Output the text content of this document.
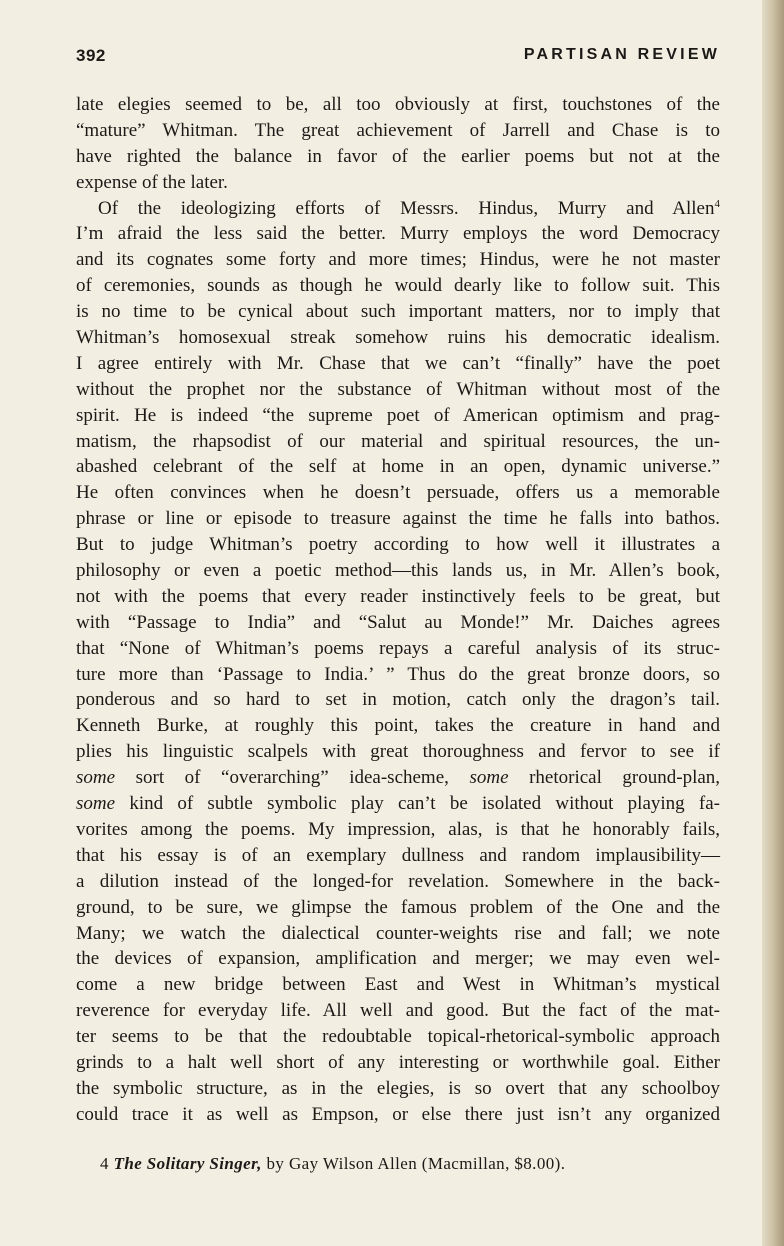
392	PARTISAN REVIEW
late elegies seemed to be, all too obviously at first, touchstones of the
“mature” Whitman. The great achievement of Jarrell and Chase is to
have righted the balance in favor of the earlier poems but not at the
expense of the later.
Of the ideologizing efforts of Messrs. Hindus, Murry and Allen$^4$
I’m afraid the less said the better. Murry employs the word Democracy
and its cognates some forty and more times; Hindus, were he not master
of ceremonies, sounds as though he would dearly like to follow suit. This
is no time to be cynical about such important matters, nor to imply that
Whitman’s homosexual streak somehow ruins his democratic idealism.
I agree entirely with Mr. Chase that we can’t “finally” have the poet
without the prophet nor the substance of Whitman without most of the
spirit. He is indeed “the supreme poet of American optimism and prag-
matism, the rhapsodist of our material and spiritual resources, the un-
abashed celebrant of the self at home in an open, dynamic universe.”
He often convinces when he doesn’t persuade, offers us a memorable
phrase or line or episode to treasure against the time he falls into bathos.
But to judge Whitman’s poetry according to how well it illustrates a
philosophy or even a poetic method—this lands us, in Mr. Allen’s book,
not with the poems that every reader instinctively feels to be great, but
with “Passage to India” and “Salut au Monde!” Mr. Daiches agrees
that “None of Whitman’s poems repays a careful analysis of its struc-
ture more than ‘Passage to India.’ ” Thus do the great bronze doors, so
ponderous and so hard to set in motion, catch only the dragon’s tail.
Kenneth Burke, at roughly this point, takes the creature in hand and
plies his linguistic scalpels with great thoroughness and fervor to see if
some sort of “overarching” idea-scheme, some rhetorical ground-plan,
some kind of subtle symbolic play can’t be isolated without playing fa-
vorites among the poems. My impression, alas, is that he honorably fails,
that his essay is of an exemplary dullness and random implausibility—
a dilution instead of the longed-for revelation. Somewhere in the back-
ground, to be sure, we glimpse the famous problem of the One and the
Many; we watch the dialectical counter-weights rise and fall; we note
the devices of expansion, amplification and merger; we may even wel-
come a new bridge between East and West in Whitman’s mystical
reverence for everyday life. All well and good. But the fact of the mat-
ter seems to be that the redoubtable topical-rhetorical-symbolic approach
grinds to a halt well short of any interesting or worthwhile goal. Either
the symbolic structure, as in the elegies, is so overt that any schoolboy
could trace it as well as Empson, or else there just isn’t any organized
4 The Solitary Singer, by Gay Wilson Allen (Macmillan, $8.00).
